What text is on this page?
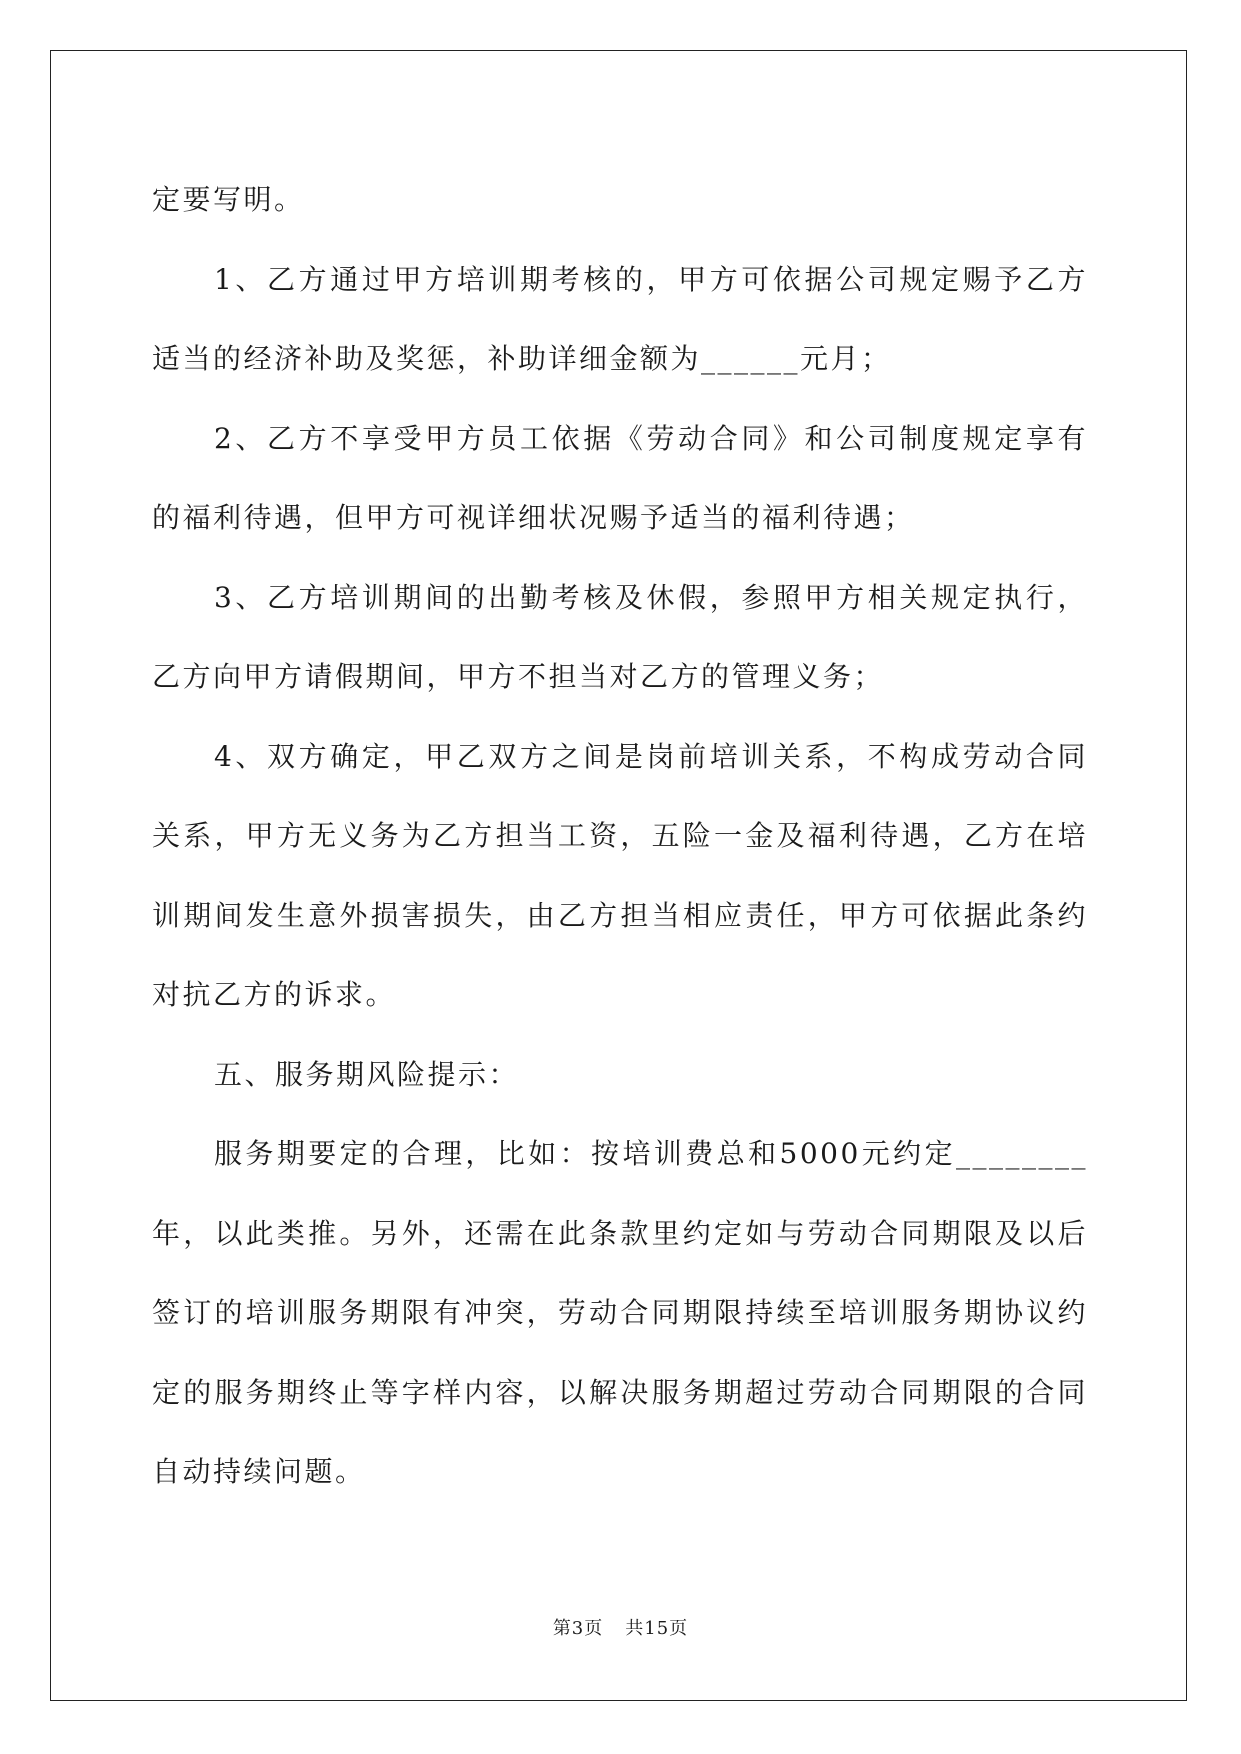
定要写明。

1、乙方通过甲方培训期考核的，甲方可依据公司规定赐予乙方适当的经济补助及奖惩，补助详细金额为______元月；

2、乙方不享受甲方员工依据《劳动合同》和公司制度规定享有的福利待遇，但甲方可视详细状况赐予适当的福利待遇；

3、乙方培训期间的出勤考核及休假，参照甲方相关规定执行，乙方向甲方请假期间，甲方不担当对乙方的管理义务；

4、双方确定，甲乙双方之间是岗前培训关系，不构成劳动合同关系，甲方无义务为乙方担当工资，五险一金及福利待遇，乙方在培训期间发生意外损害损失，由乙方担当相应责任，甲方可依据此条约对抗乙方的诉求。

五、服务期风险提示：

服务期要定的合理，比如：按培训费总和5000元约定________年，以此类推。另外，还需在此条款里约定如与劳动合同期限及以后签订的培训服务期限有冲突，劳动合同期限持续至培训服务期协议约定的服务期终止等字样内容，以解决服务期超过劳动合同期限的合同自动持续问题。

第3页 共15页
